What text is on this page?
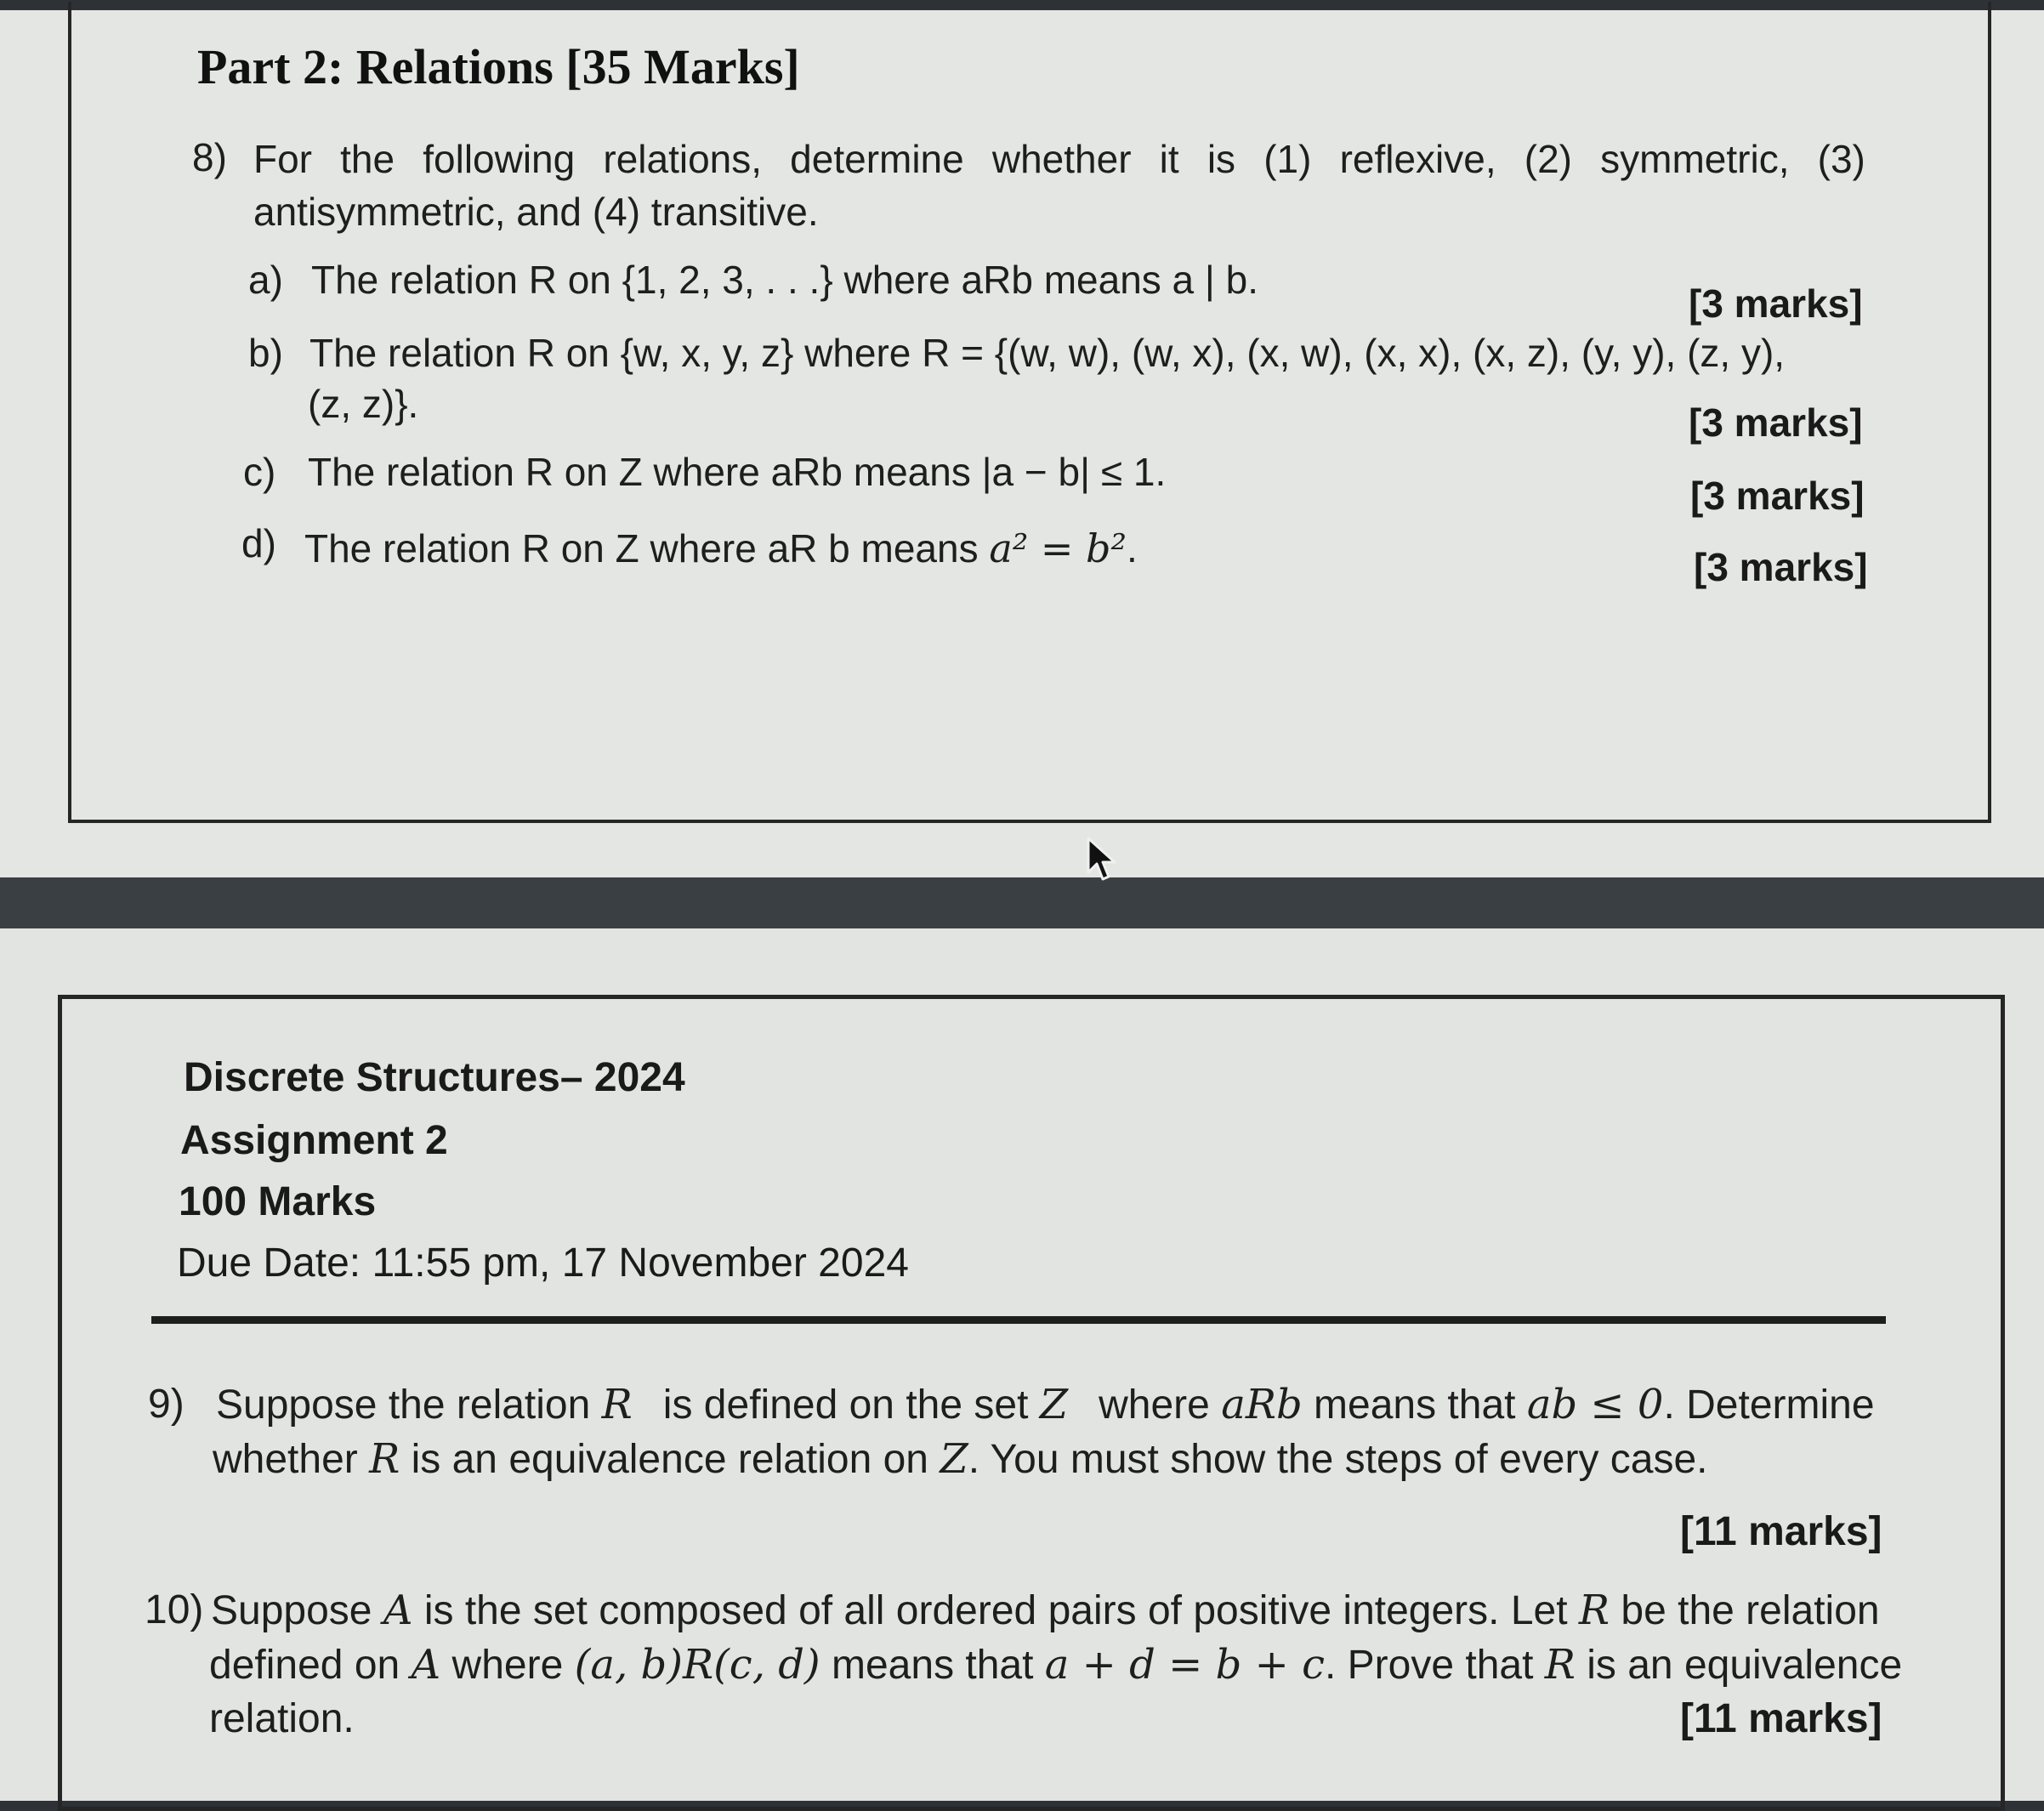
Part 2: Relations [35 Marks]
8) For the following relations, determine whether it is (1) reflexive, (2) symmetric, (3)
antisymmetric, and (4) transitive.
a) The relation R on {1, 2, 3, . . .} where aRb means a | b.
[3 marks]
b) The relation R on {w, x, y, z} where R = {(w, w), (w, x), (x, w), (x, x), (x, z), (y, y), (z, y),
(z, z)}.	[3 marks]
c) The relation R on Z where aRb means |a − b| ≤ 1.
[3 marks]
d) The relation R on Z where aR b means a² = b².	[3 marks]
Discrete Structures– 2024
Assignment 2
100 Marks
Due Date: 11:55 pm, 17 November 2024
9) Suppose the relation R is defined on the set Z where aRb means that ab ≤ 0. Determine
whether R is an equivalence relation on Z. You must show the steps of every case.
[11 marks]
10) Suppose A is the set composed of all ordered pairs of positive integers. Let R be the relation
defined on A where (a, b)R(c, d) means that a + d = b + c. Prove that R is an equivalence
relation.	[11 marks]
